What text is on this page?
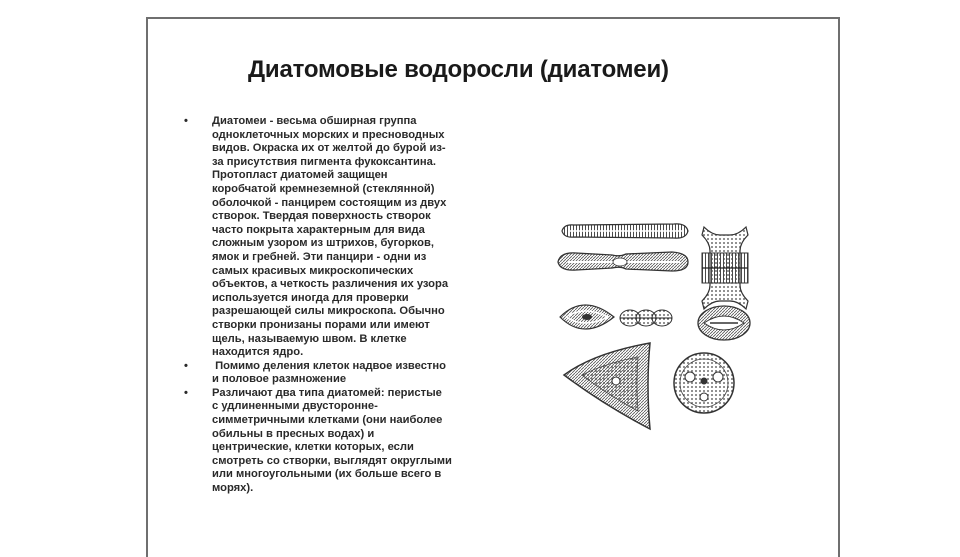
Диатомовые водоросли (диатомеи)
•	Диатомеи - весьма обширная группа
одноклеточных морских и пресноводных
видов. Окраска их от желтой до бурой из-
за присутствия пигмента фукоксантина.
Протопласт диатомей защищен
коробчатой кремнеземной (стеклянной)
оболочкой - панцирем состоящим из двух
створок. Твердая поверхность створок
часто покрыта характерным для вида
сложным узором из штрихов, бугорков,
ямок и гребней. Эти панцири - одни из
самых красивых микроскопических
объектов, а четкость различения их узора
используется иногда для проверки
разрешающей силы микроскопа. Обычно
створки пронизаны порами или имеют
щель, называемую швом. В клетке
находится ядро.
•	Помимо деления клеток надвое известно
и половое размножение
•	Различают два типа диатомей: перистые
с удлиненными двусторонне-
симметричными клетками (они наиболее
обильны в пресных водах) и
центрические, клетки которых, если
смотреть со створки, выглядят округлыми
или многоугольными (их больше всего в
морях).
